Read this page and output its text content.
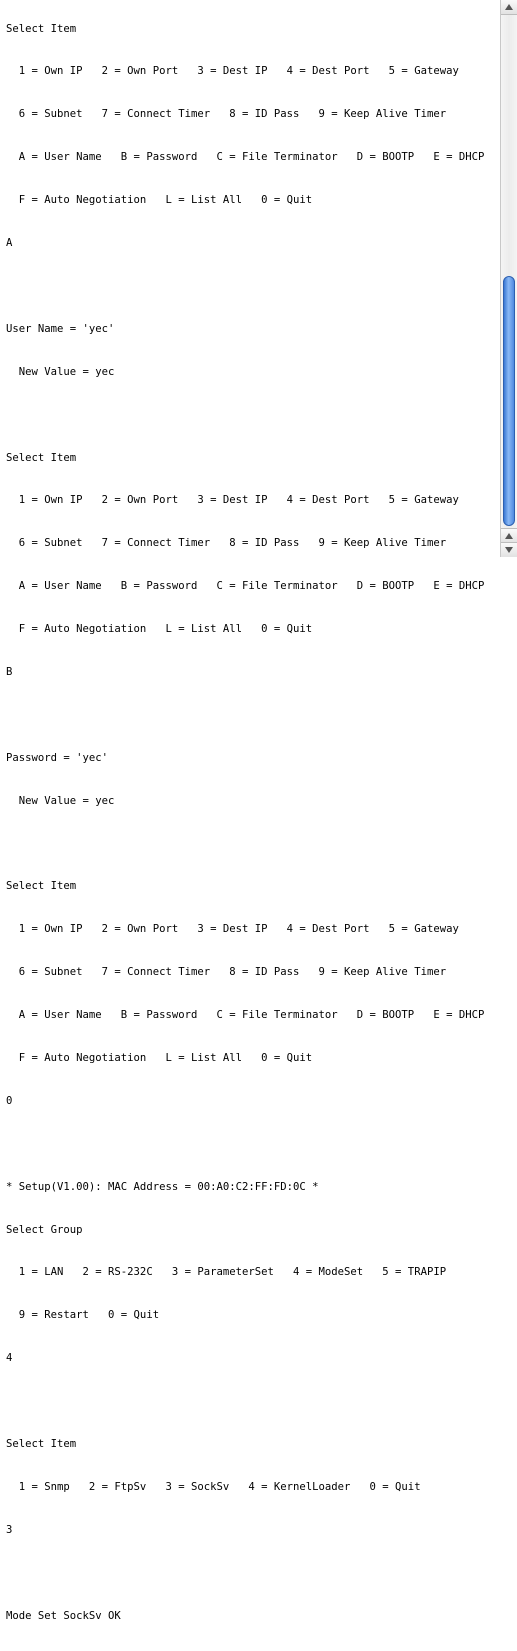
Select Item

1 = Own IP   2 = Own Port   3 = Dest IP   4 = Dest Port   5 = Gateway

6 = Subnet   7 = Connect Timer   8 = ID Pass   9 = Keep Alive Timer

A = User Name   B = Password   C = File Terminator   D = BOOTP   E = DHCP

F = Auto Negotiation   L = List All   0 = Quit

A

User Name = 'yec'

New Value = yec

Select Item

1 = Own IP   2 = Own Port   3 = Dest IP   4 = Dest Port   5 = Gateway

6 = Subnet   7 = Connect Timer   8 = ID Pass   9 = Keep Alive Timer

A = User Name   B = Password   C = File Terminator   D = BOOTP   E = DHCP

F = Auto Negotiation   L = List All   0 = Quit

B

Password = 'yec'

New Value = yec

Select Item

1 = Own IP   2 = Own Port   3 = Dest IP   4 = Dest Port   5 = Gateway

6 = Subnet   7 = Connect Timer   8 = ID Pass   9 = Keep Alive Timer

A = User Name   B = Password   C = File Terminator   D = BOOTP   E = DHCP

F = Auto Negotiation   L = List All   0 = Quit

0

* Setup(V1.00): MAC Address = 00:A0:C2:FF:FD:0C *

Select Group

1 = LAN   2 = RS-232C   3 = ParameterSet   4 = ModeSet   5 = TRAPIP

9 = Restart   0 = Quit

4

Select Item

1 = Snmp   2 = FtpSv   3 = SockSv   4 = KernelLoader   0 = Quit

3

Mode Set SockSv OK
